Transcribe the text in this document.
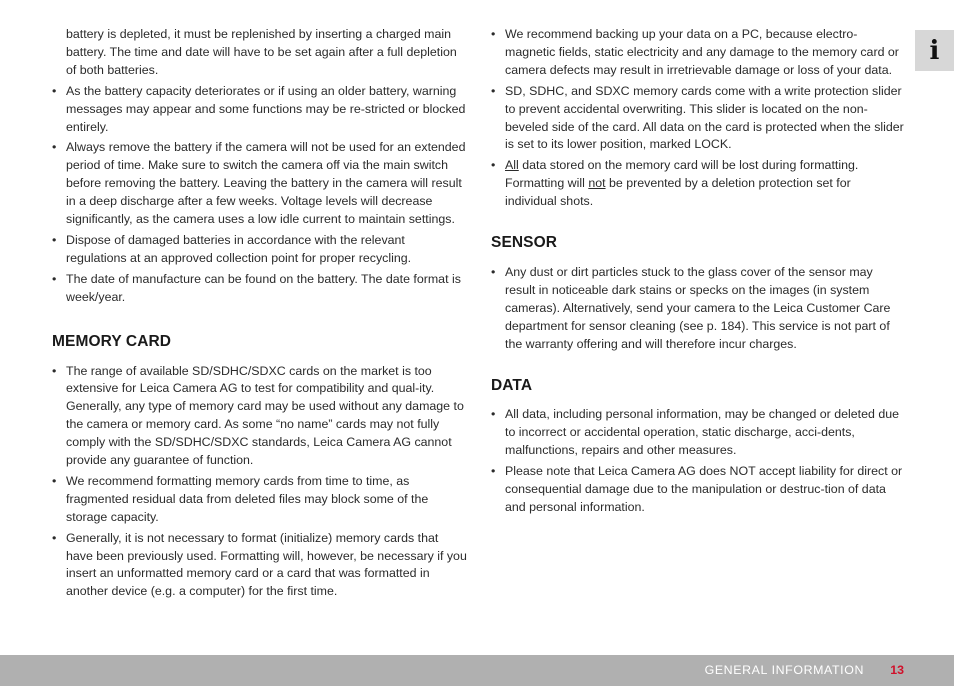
battery is depleted, it must be replenished by inserting a charged main battery. The time and date will have to be set again after a full depletion of both batteries.

• As the battery capacity deteriorates or if using an older battery, warning messages may appear and some functions may be re-stricted or blocked entirely.
• Always remove the battery if the camera will not be used for an extended period of time. Make sure to switch the camera off via the main switch before removing the battery. Leaving the battery in the camera will result in a deep discharge after a few weeks. Voltage levels will decrease significantly, as the camera uses a low idle current to maintain settings.
• Dispose of damaged batteries in accordance with the relevant regulations at an approved collection point for proper recycling.
• The date of manufacture can be found on the battery. The date format is week/year.
MEMORY CARD
• The range of available SD/SDHC/SDXC cards on the market is too extensive for Leica Camera AG to test for compatibility and qual-ity. Generally, any type of memory card may be used without any damage to the camera or memory card. As some “no name” cards may not fully comply with the SD/SDHC/SDXC standards, Leica Camera AG cannot provide any guarantee of function.
• We recommend formatting memory cards from time to time, as fragmented residual data from deleted files may block some of the storage capacity.
• Generally, it is not necessary to format (initialize) memory cards that have been previously used. Formatting will, however, be necessary if you insert an unformatted memory card or a card that was formatted in another device (e.g. a computer) for the first time.
• We recommend backing up your data on a PC, because electro-magnetic fields, static electricity and any damage to the memory card or camera defects may result in irretrievable damage or loss of your data.
• SD, SDHC, and SDXC memory cards come with a write protection slider to prevent accidental overwriting. This slider is located on the non-beveled side of the card. All data on the card is protected when the slider is set to its lower position, marked LOCK.
• All data stored on the memory card will be lost during formatting. Formatting will not be prevented by a deletion protection set for individual shots.
SENSOR
• Any dust or dirt particles stuck to the glass cover of the sensor may result in noticeable dark stains or specks on the images (in system cameras). Alternatively, send your camera to the Leica Customer Care department for sensor cleaning (see p. 184). This service is not part of the warranty offering and will therefore incur charges.
DATA
• All data, including personal information, may be changed or deleted due to incorrect or accidental operation, static discharge, acci-dents, malfunctions, repairs and other measures.
• Please note that Leica Camera AG does NOT accept liability for direct or consequential damage due to the manipulation or destruc-tion of data and personal information.
i
GENERAL INFORMATION 13
